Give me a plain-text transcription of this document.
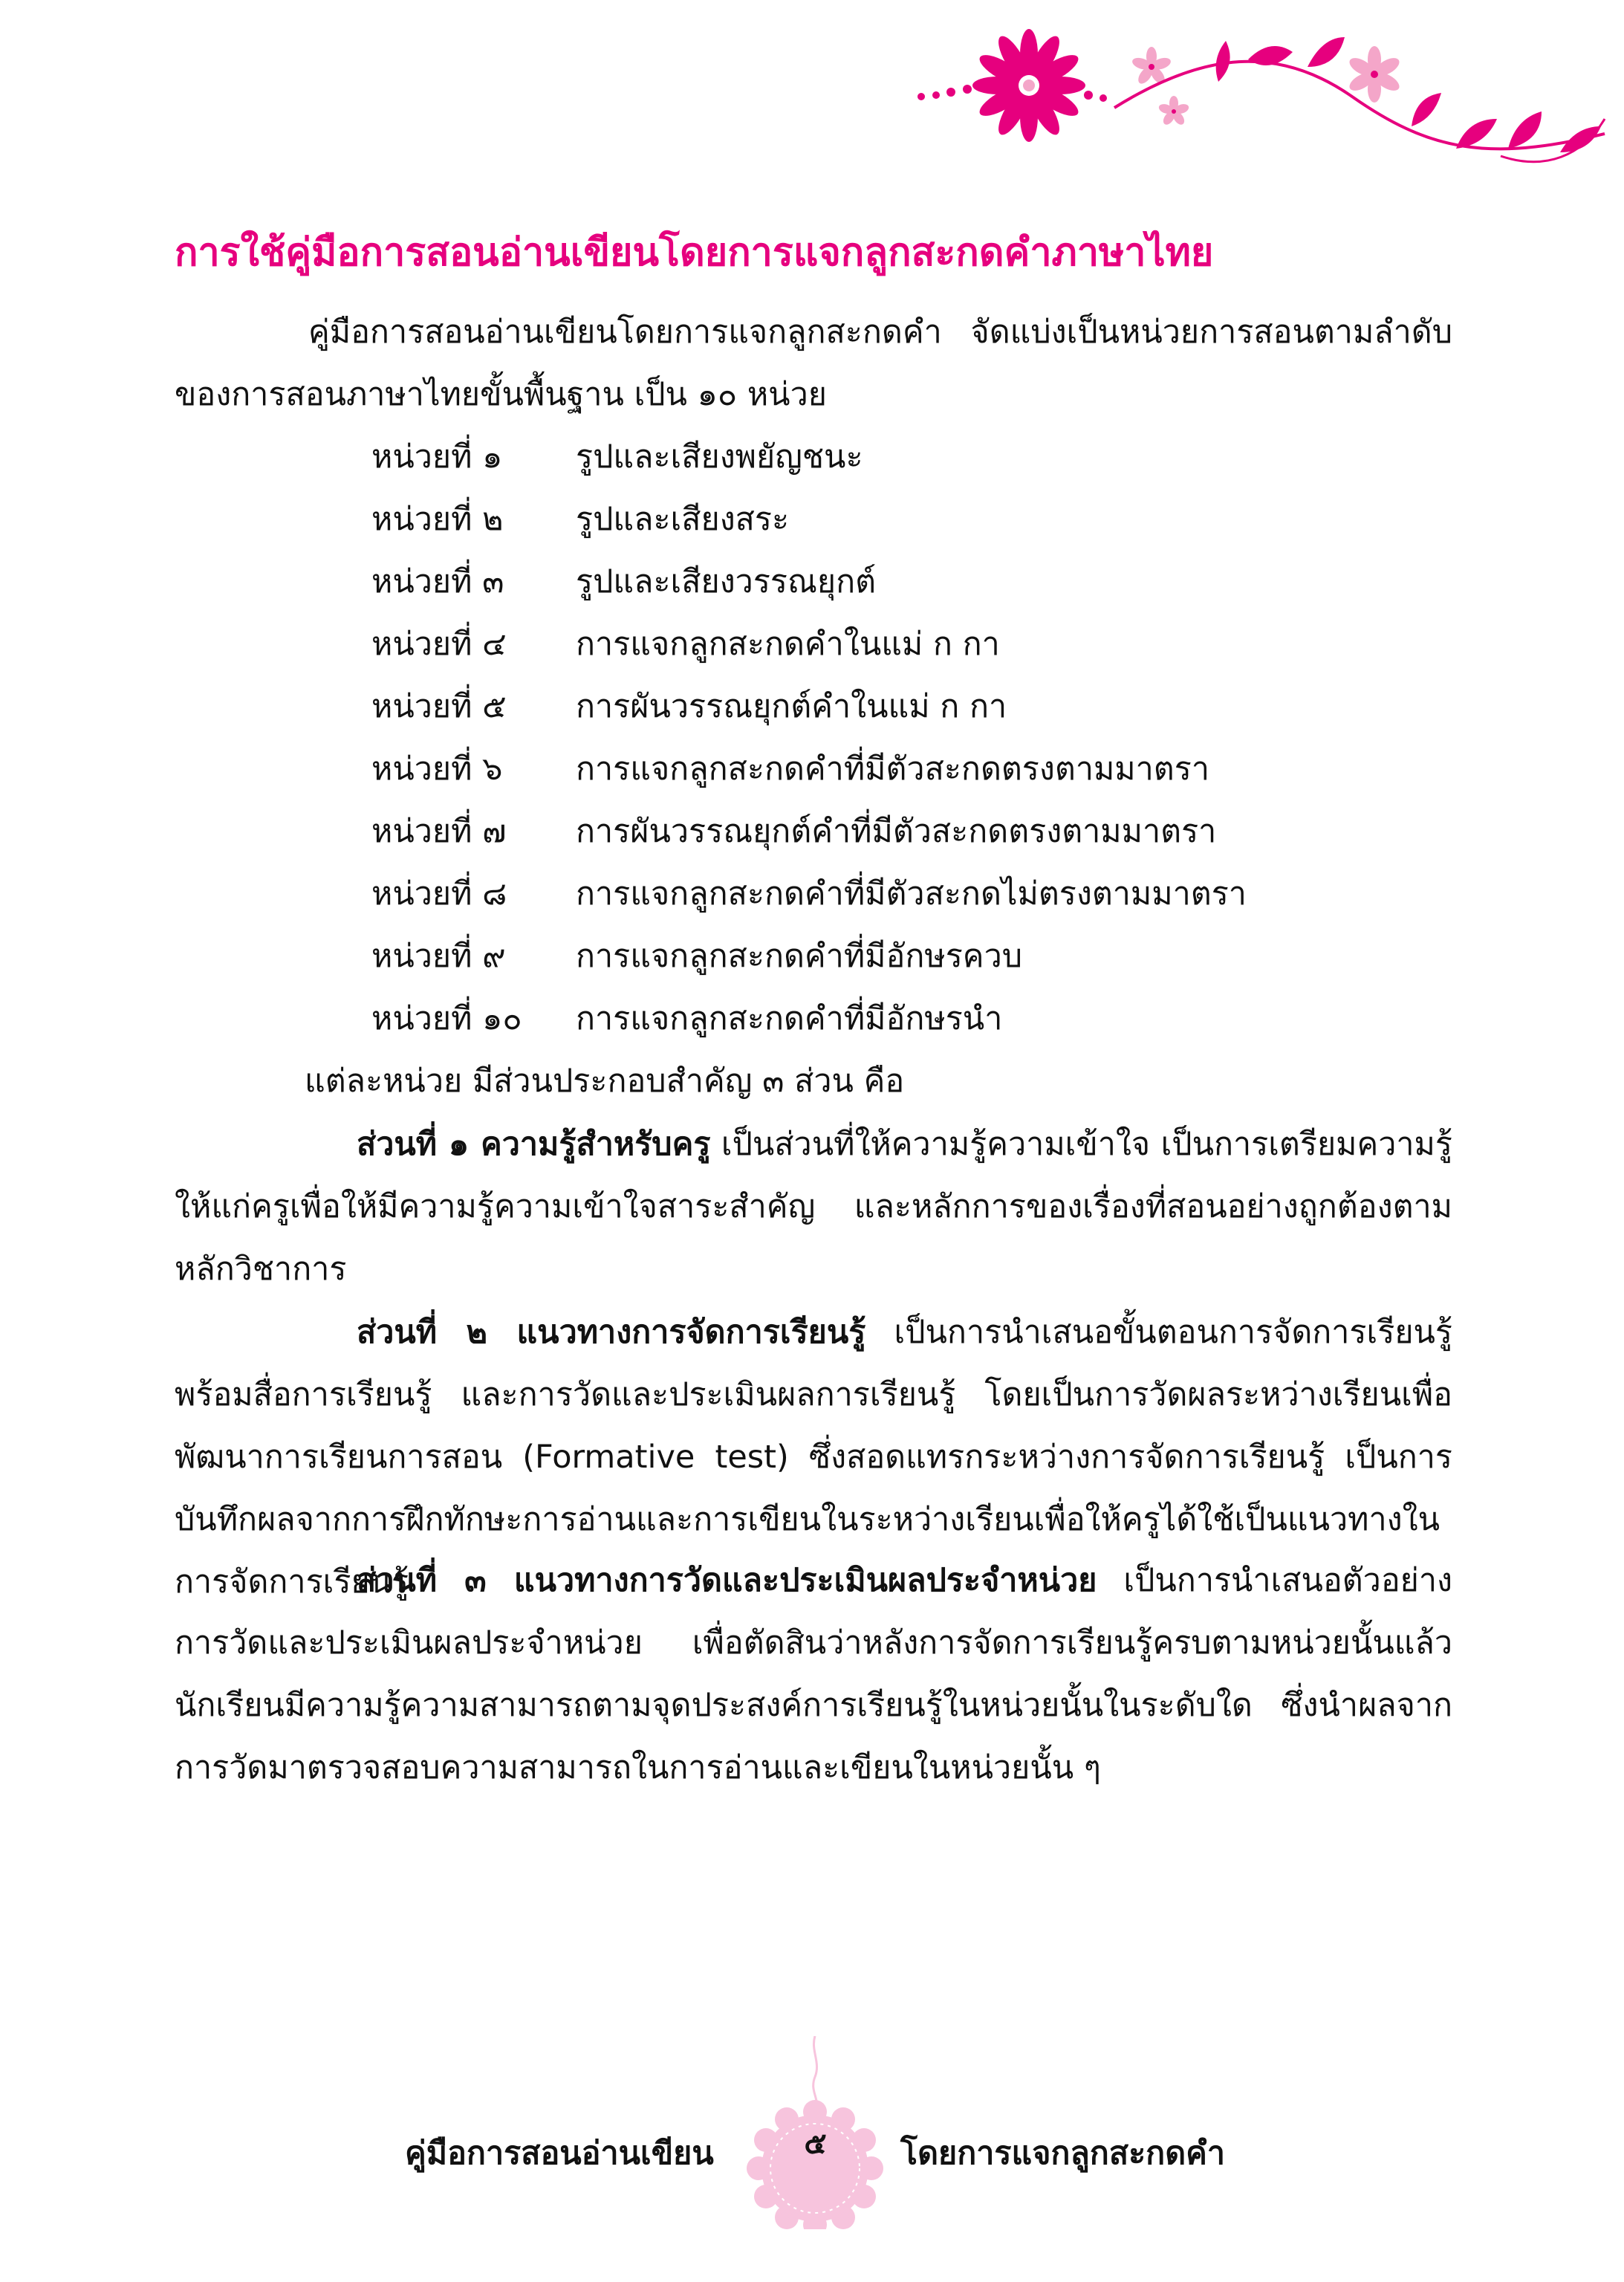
การใช้คู่มือการสอนอ่านเขียนโดยการแจกลูกสะกดคำภาษาไทย

คู่มือการสอนอ่านเขียนโดยการแจกลูกสะกดคำ จัดแบ่งเป็นหน่วยการสอนตามลำดับของการสอนภาษาไทยขั้นพื้นฐาน เป็น ๑๐ หน่วย

หน่วยที่ ๑	รูปและเสียงพยัญชนะ
หน่วยที่ ๒	รูปและเสียงสระ
หน่วยที่ ๓	รูปและเสียงวรรณยุกต์
หน่วยที่ ๔	การแจกลูกสะกดคำในแม่ ก กา
หน่วยที่ ๕	การผันวรรณยุกต์คำในแม่ ก กา
หน่วยที่ ๖	การแจกลูกสะกดคำที่มีตัวสะกดตรงตามมาตรา
หน่วยที่ ๗	การผันวรรณยุกต์คำที่มีตัวสะกดตรงตามมาตรา
หน่วยที่ ๘	การแจกลูกสะกดคำที่มีตัวสะกดไม่ตรงตามมาตรา
หน่วยที่ ๙	การแจกลูกสะกดคำที่มีอักษรควบ
หน่วยที่ ๑๐	การแจกลูกสะกดคำที่มีอักษรนำ

แต่ละหน่วย มีส่วนประกอบสำคัญ ๓ ส่วน คือ

ส่วนที่ ๑ ความรู้สำหรับครู เป็นส่วนที่ให้ความรู้ความเข้าใจ เป็นการเตรียมความรู้ให้แก่ครูเพื่อให้มีความรู้ความเข้าใจสาระสำคัญ และหลักการของเรื่องที่สอนอย่างถูกต้องตามหลักวิชาการ

ส่วนที่ ๒ แนวทางการจัดการเรียนรู้ เป็นการนำเสนอขั้นตอนการจัดการเรียนรู้พร้อมสื่อการเรียนรู้ และการวัดและประเมินผลการเรียนรู้ โดยเป็นการวัดผลระหว่างเรียนเพื่อพัฒนาการเรียนการสอน (Formative test) ซึ่งสอดแทรกระหว่างการจัดการเรียนรู้ เป็นการบันทึกผลจากการฝึกทักษะการอ่านและการเขียนในระหว่างเรียนเพื่อให้ครูได้ใช้เป็นแนวทางในการจัดการเรียนรู้

ส่วนที่ ๓ แนวทางการวัดและประเมินผลประจำหน่วย เป็นการนำเสนอตัวอย่างการวัดและประเมินผลประจำหน่วย เพื่อตัดสินว่าหลังการจัดการเรียนรู้ครบตามหน่วยนั้นแล้วนักเรียนมีความรู้ความสามารถตามจุดประสงค์การเรียนรู้ในหน่วยนั้นในระดับใด ซึ่งนำผลจากการวัดมาตรวจสอบความสามารถในการอ่านและเขียนในหน่วยนั้น ๆ

คู่มือการสอนอ่านเขียน	๕	โดยการแจกลูกสะกดคำ
